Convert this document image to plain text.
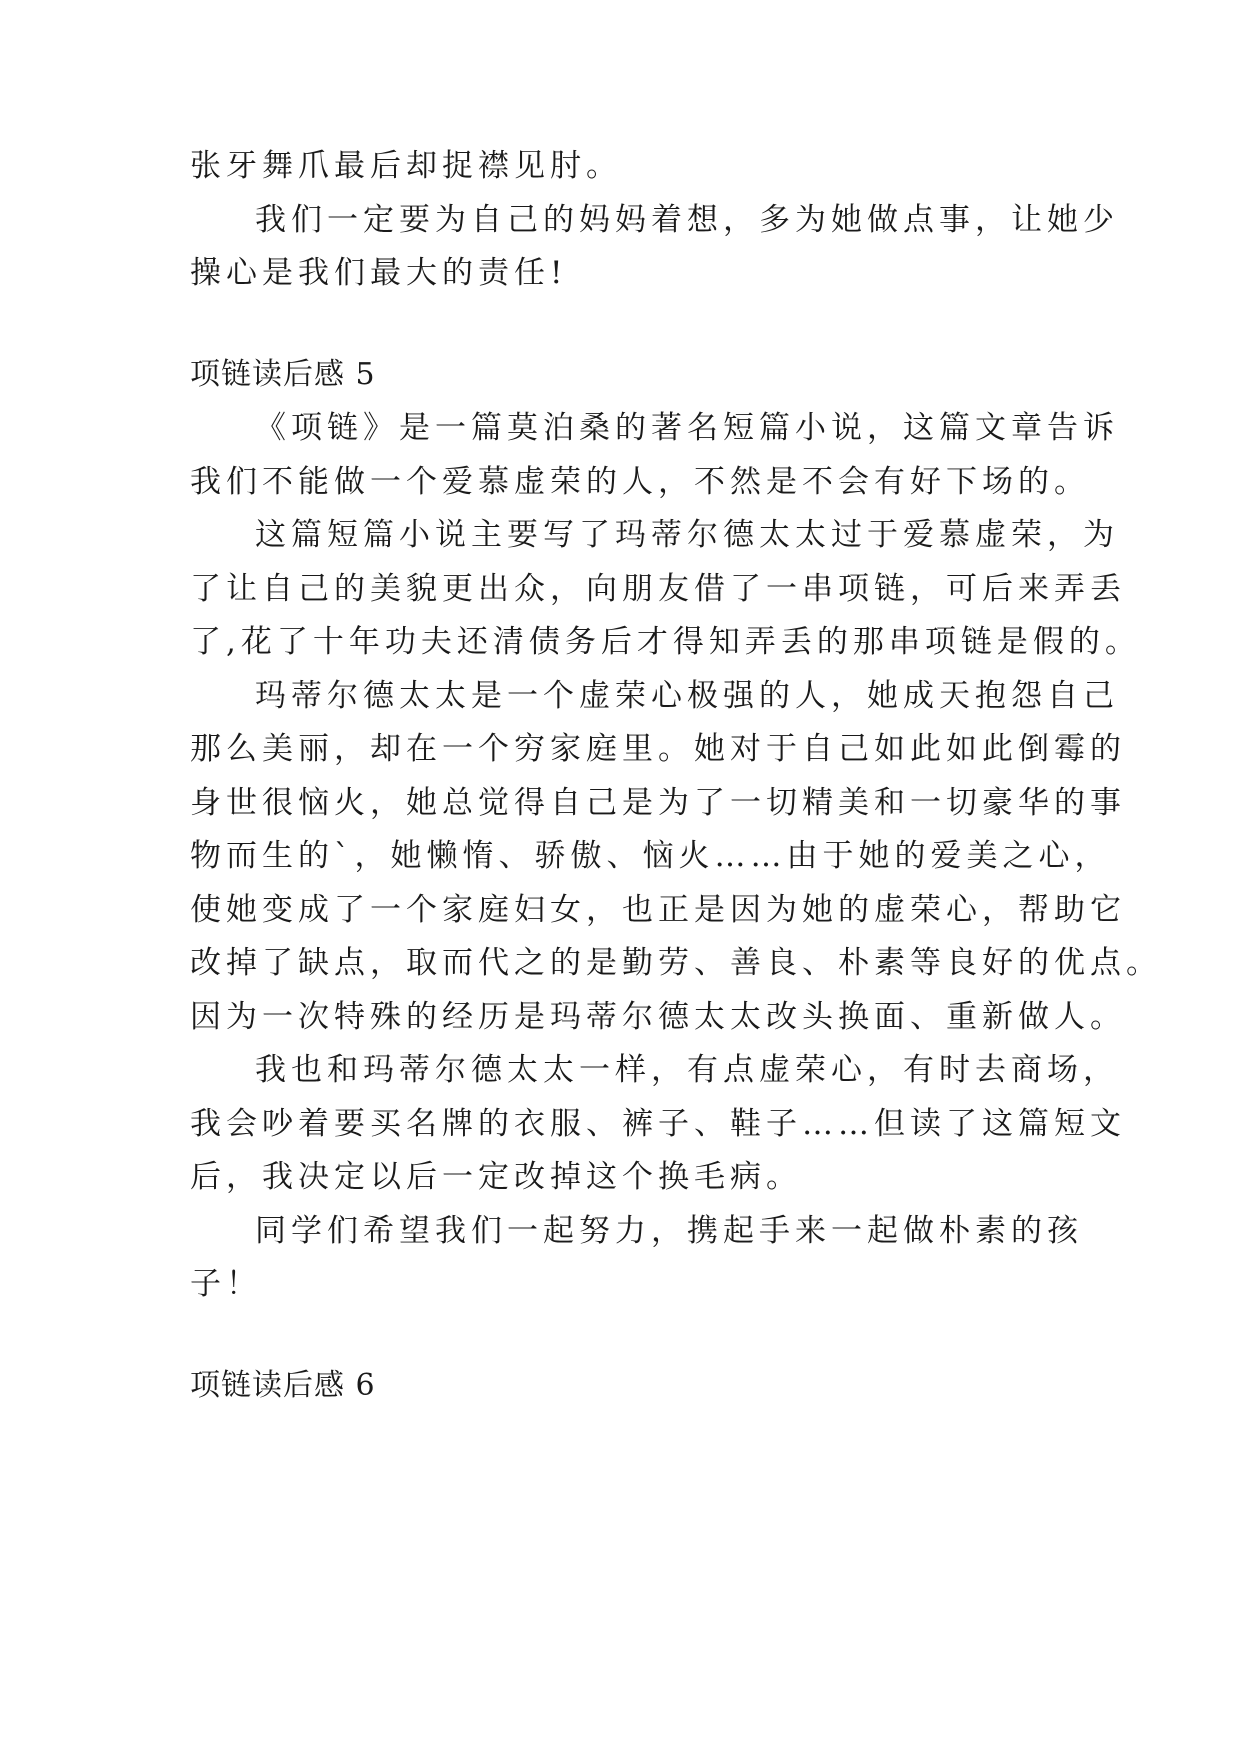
张牙舞爪最后却捉襟见肘。
我们一定要为自己的妈妈着想，多为她做点事，让她少
操心是我们最大的责任!
项链读后感 5
《项链》是一篇莫泊桑的著名短篇小说，这篇文章告诉
我们不能做一个爱慕虚荣的人，不然是不会有好下场的。
这篇短篇小说主要写了玛蒂尔德太太过于爱慕虚荣，为
了让自己的美貌更出众，向朋友借了一串项链，可后来弄丢
了,花了十年功夫还清债务后才得知弄丢的那串项链是假的。
玛蒂尔德太太是一个虚荣心极强的人，她成天抱怨自己
那么美丽，却在一个穷家庭里。她对于自己如此如此倒霉的
身世很恼火，她总觉得自己是为了一切精美和一切豪华的事
物而生的`，她懒惰、骄傲、恼火……由于她的爱美之心，
使她变成了一个家庭妇女，也正是因为她的虚荣心，帮助它
改掉了缺点，取而代之的是勤劳、善良、朴素等良好的优点。
因为一次特殊的经历是玛蒂尔德太太改头换面、重新做人。
我也和玛蒂尔德太太一样，有点虚荣心，有时去商场，
我会吵着要买名牌的衣服、裤子、鞋子……但读了这篇短文
后，我决定以后一定改掉这个换毛病。
同学们希望我们一起努力，携起手来一起做朴素的孩
子！
项链读后感 6
